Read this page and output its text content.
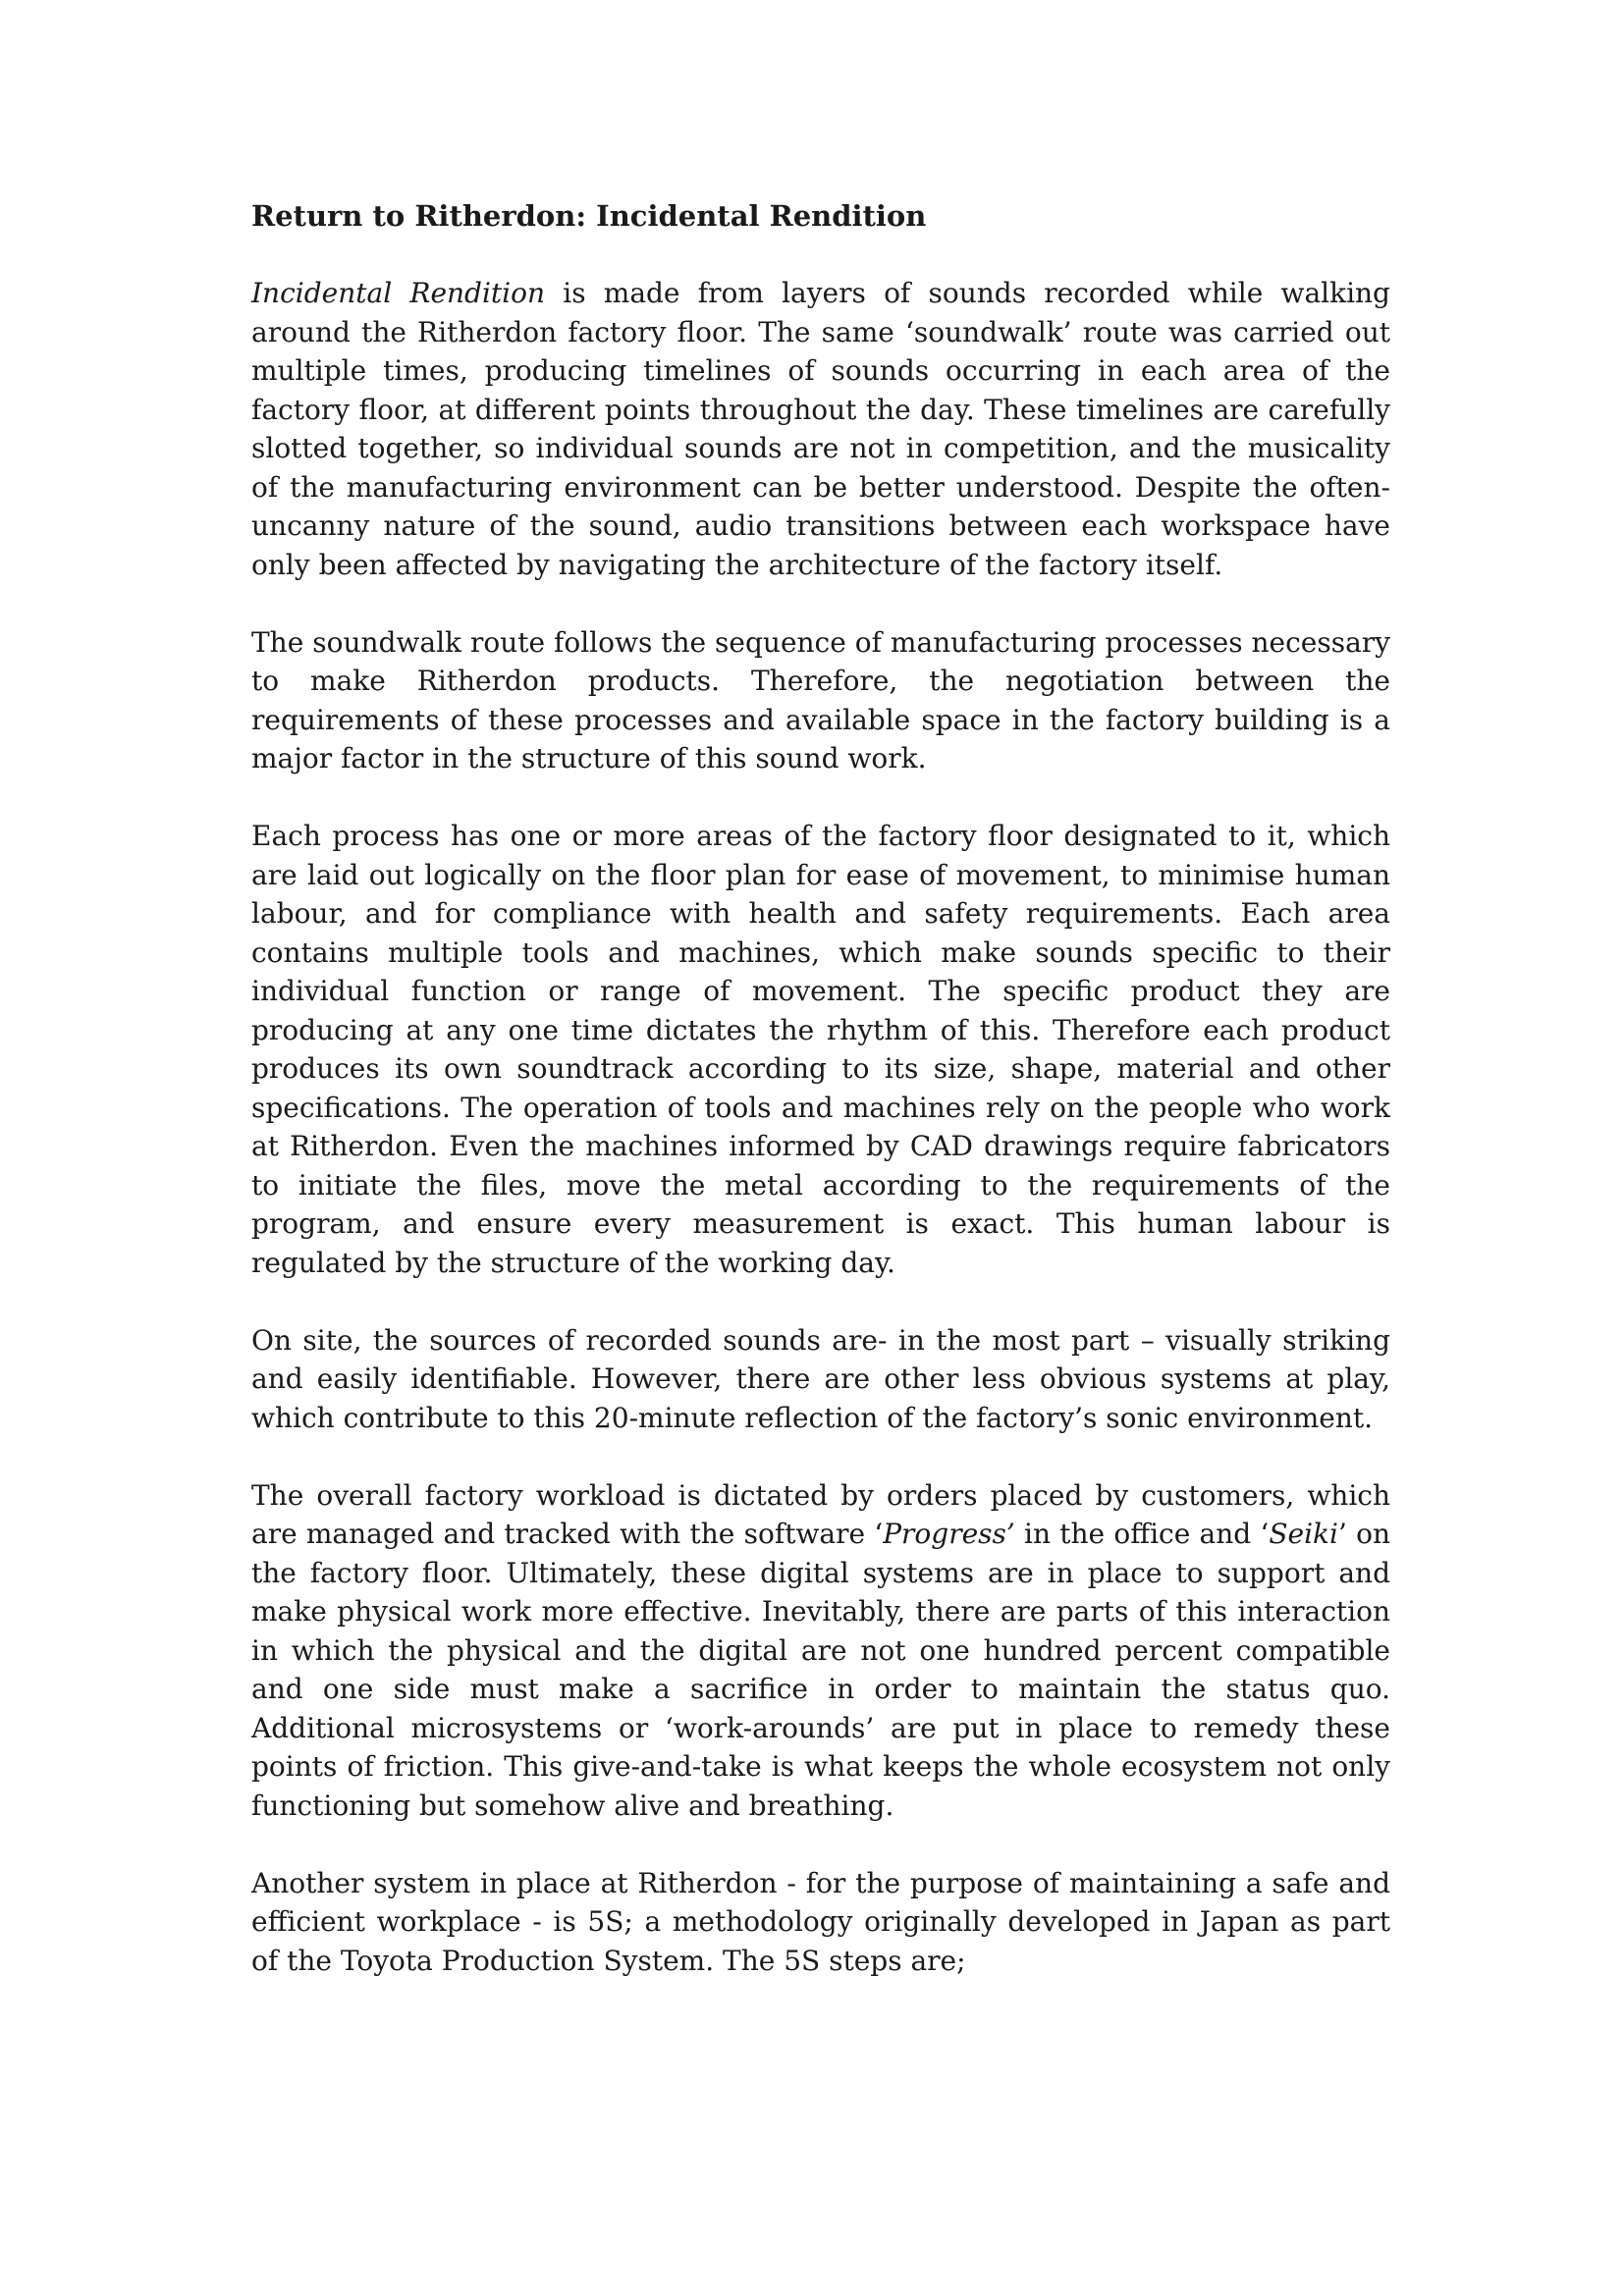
Return to Ritherdon: Incidental Rendition

Incidental Rendition is made from layers of sounds recorded while walking around the Ritherdon factory floor. The same ‘soundwalk’ route was carried out multiple times, producing timelines of sounds occurring in each area of the factory floor, at different points throughout the day. These timelines are carefully slotted together, so individual sounds are not in competition, and the musicality of the manufacturing environment can be better understood. Despite the often-uncanny nature of the sound, audio transitions between each workspace have only been affected by navigating the architecture of the factory itself.

The soundwalk route follows the sequence of manufacturing processes necessary to make Ritherdon products. Therefore, the negotiation between the requirements of these processes and available space in the factory building is a major factor in the structure of this sound work.

Each process has one or more areas of the factory floor designated to it, which are laid out logically on the floor plan for ease of movement, to minimise human labour, and for compliance with health and safety requirements. Each area contains multiple tools and machines, which make sounds specific to their individual function or range of movement. The specific product they are producing at any one time dictates the rhythm of this. Therefore each product produces its own soundtrack according to its size, shape, material and other specifications. The operation of tools and machines rely on the people who work at Ritherdon. Even the machines informed by CAD drawings require fabricators to initiate the files, move the metal according to the requirements of the program, and ensure every measurement is exact. This human labour is regulated by the structure of the working day.

On site, the sources of recorded sounds are- in the most part – visually striking and easily identifiable. However, there are other less obvious systems at play, which contribute to this 20-minute reflection of the factory’s sonic environment.

The overall factory workload is dictated by orders placed by customers, which are managed and tracked with the software ‘Progress’ in the office and ‘Seiki’ on the factory floor. Ultimately, these digital systems are in place to support and make physical work more effective. Inevitably, there are parts of this interaction in which the physical and the digital are not one hundred percent compatible and one side must make a sacrifice in order to maintain the status quo. Additional microsystems or ‘work-arounds’ are put in place to remedy these points of friction. This give-and-take is what keeps the whole ecosystem not only functioning but somehow alive and breathing.

Another system in place at Ritherdon - for the purpose of maintaining a safe and efficient workplace - is 5S; a methodology originally developed in Japan as part of the Toyota Production System. The 5S steps are;
